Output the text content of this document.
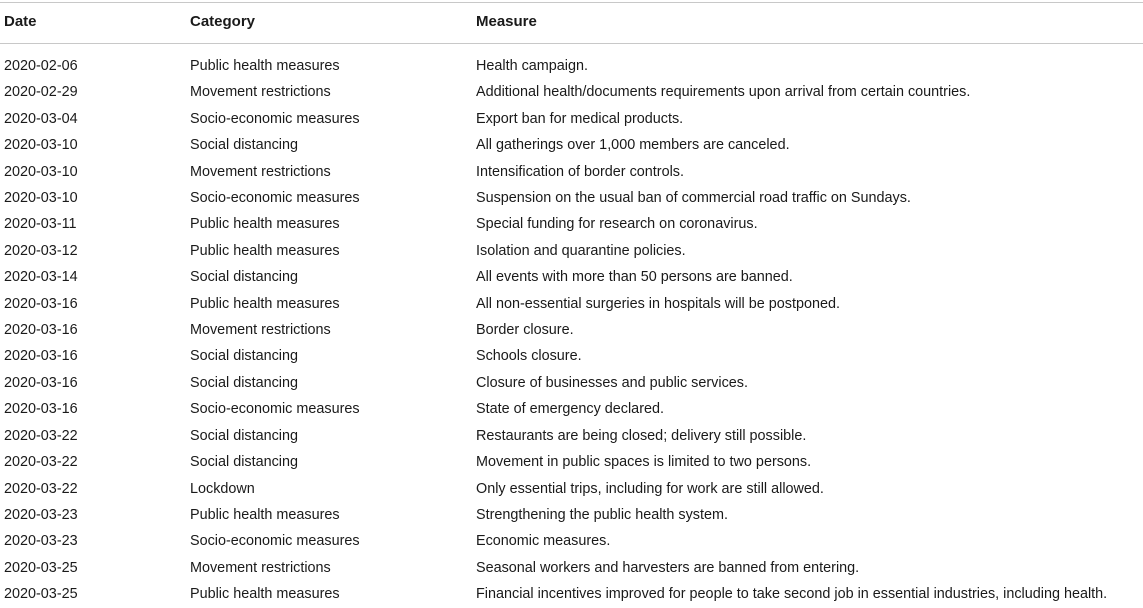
Date	Category	Measure
2020-02-06	Public health measures	Health campaign.
2020-02-29	Movement restrictions	Additional health/documents requirements upon arrival from certain countries.
2020-03-04	Socio-economic measures	Export ban for medical products.
2020-03-10	Social distancing	All gatherings over 1,000 members are canceled.
2020-03-10	Movement restrictions	Intensification of border controls.
2020-03-10	Socio-economic measures	Suspension on the usual ban of commercial road traffic on Sundays.
2020-03-11	Public health measures	Special funding for research on coronavirus.
2020-03-12	Public health measures	Isolation and quarantine policies.
2020-03-14	Social distancing	All events with more than 50 persons are banned.
2020-03-16	Public health measures	All non-essential surgeries in hospitals will be postponed.
2020-03-16	Movement restrictions	Border closure.
2020-03-16	Social distancing	Schools closure.
2020-03-16	Social distancing	Closure of businesses and public services.
2020-03-16	Socio-economic measures	State of emergency declared.
2020-03-22	Social distancing	Restaurants are being closed; delivery still possible.
2020-03-22	Social distancing	Movement in public spaces is limited to two persons.
2020-03-22	Lockdown	Only essential trips, including for work are still allowed.
2020-03-23	Public health measures	Strengthening the public health system.
2020-03-23	Socio-economic measures	Economic measures.
2020-03-25	Movement restrictions	Seasonal workers and harvesters are banned from entering.
2020-03-25	Public health measures	Financial incentives improved for people to take second job in essential industries, including health.
